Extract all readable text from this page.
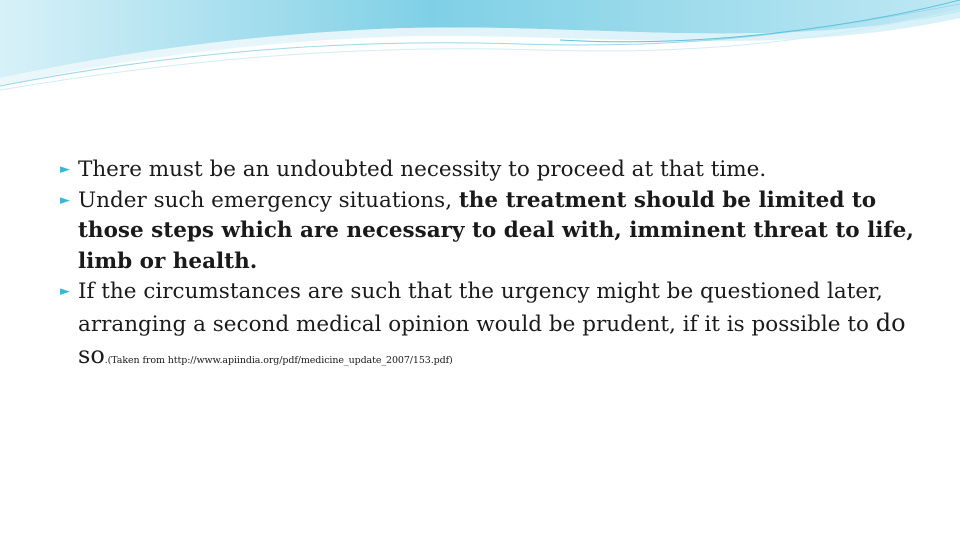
► There must be an undoubted necessity to proceed at that time.

► Under such emergency situations, the treatment should be limited to those steps which are necessary to deal with, imminent threat to life, limb or health.

► If the circumstances are such that the urgency might be questioned later, arranging a second medical opinion would be prudent, if it is possible to do so.(Taken from http://www.apiindia.org/pdf/medicine_update_2007/153.pdf)
